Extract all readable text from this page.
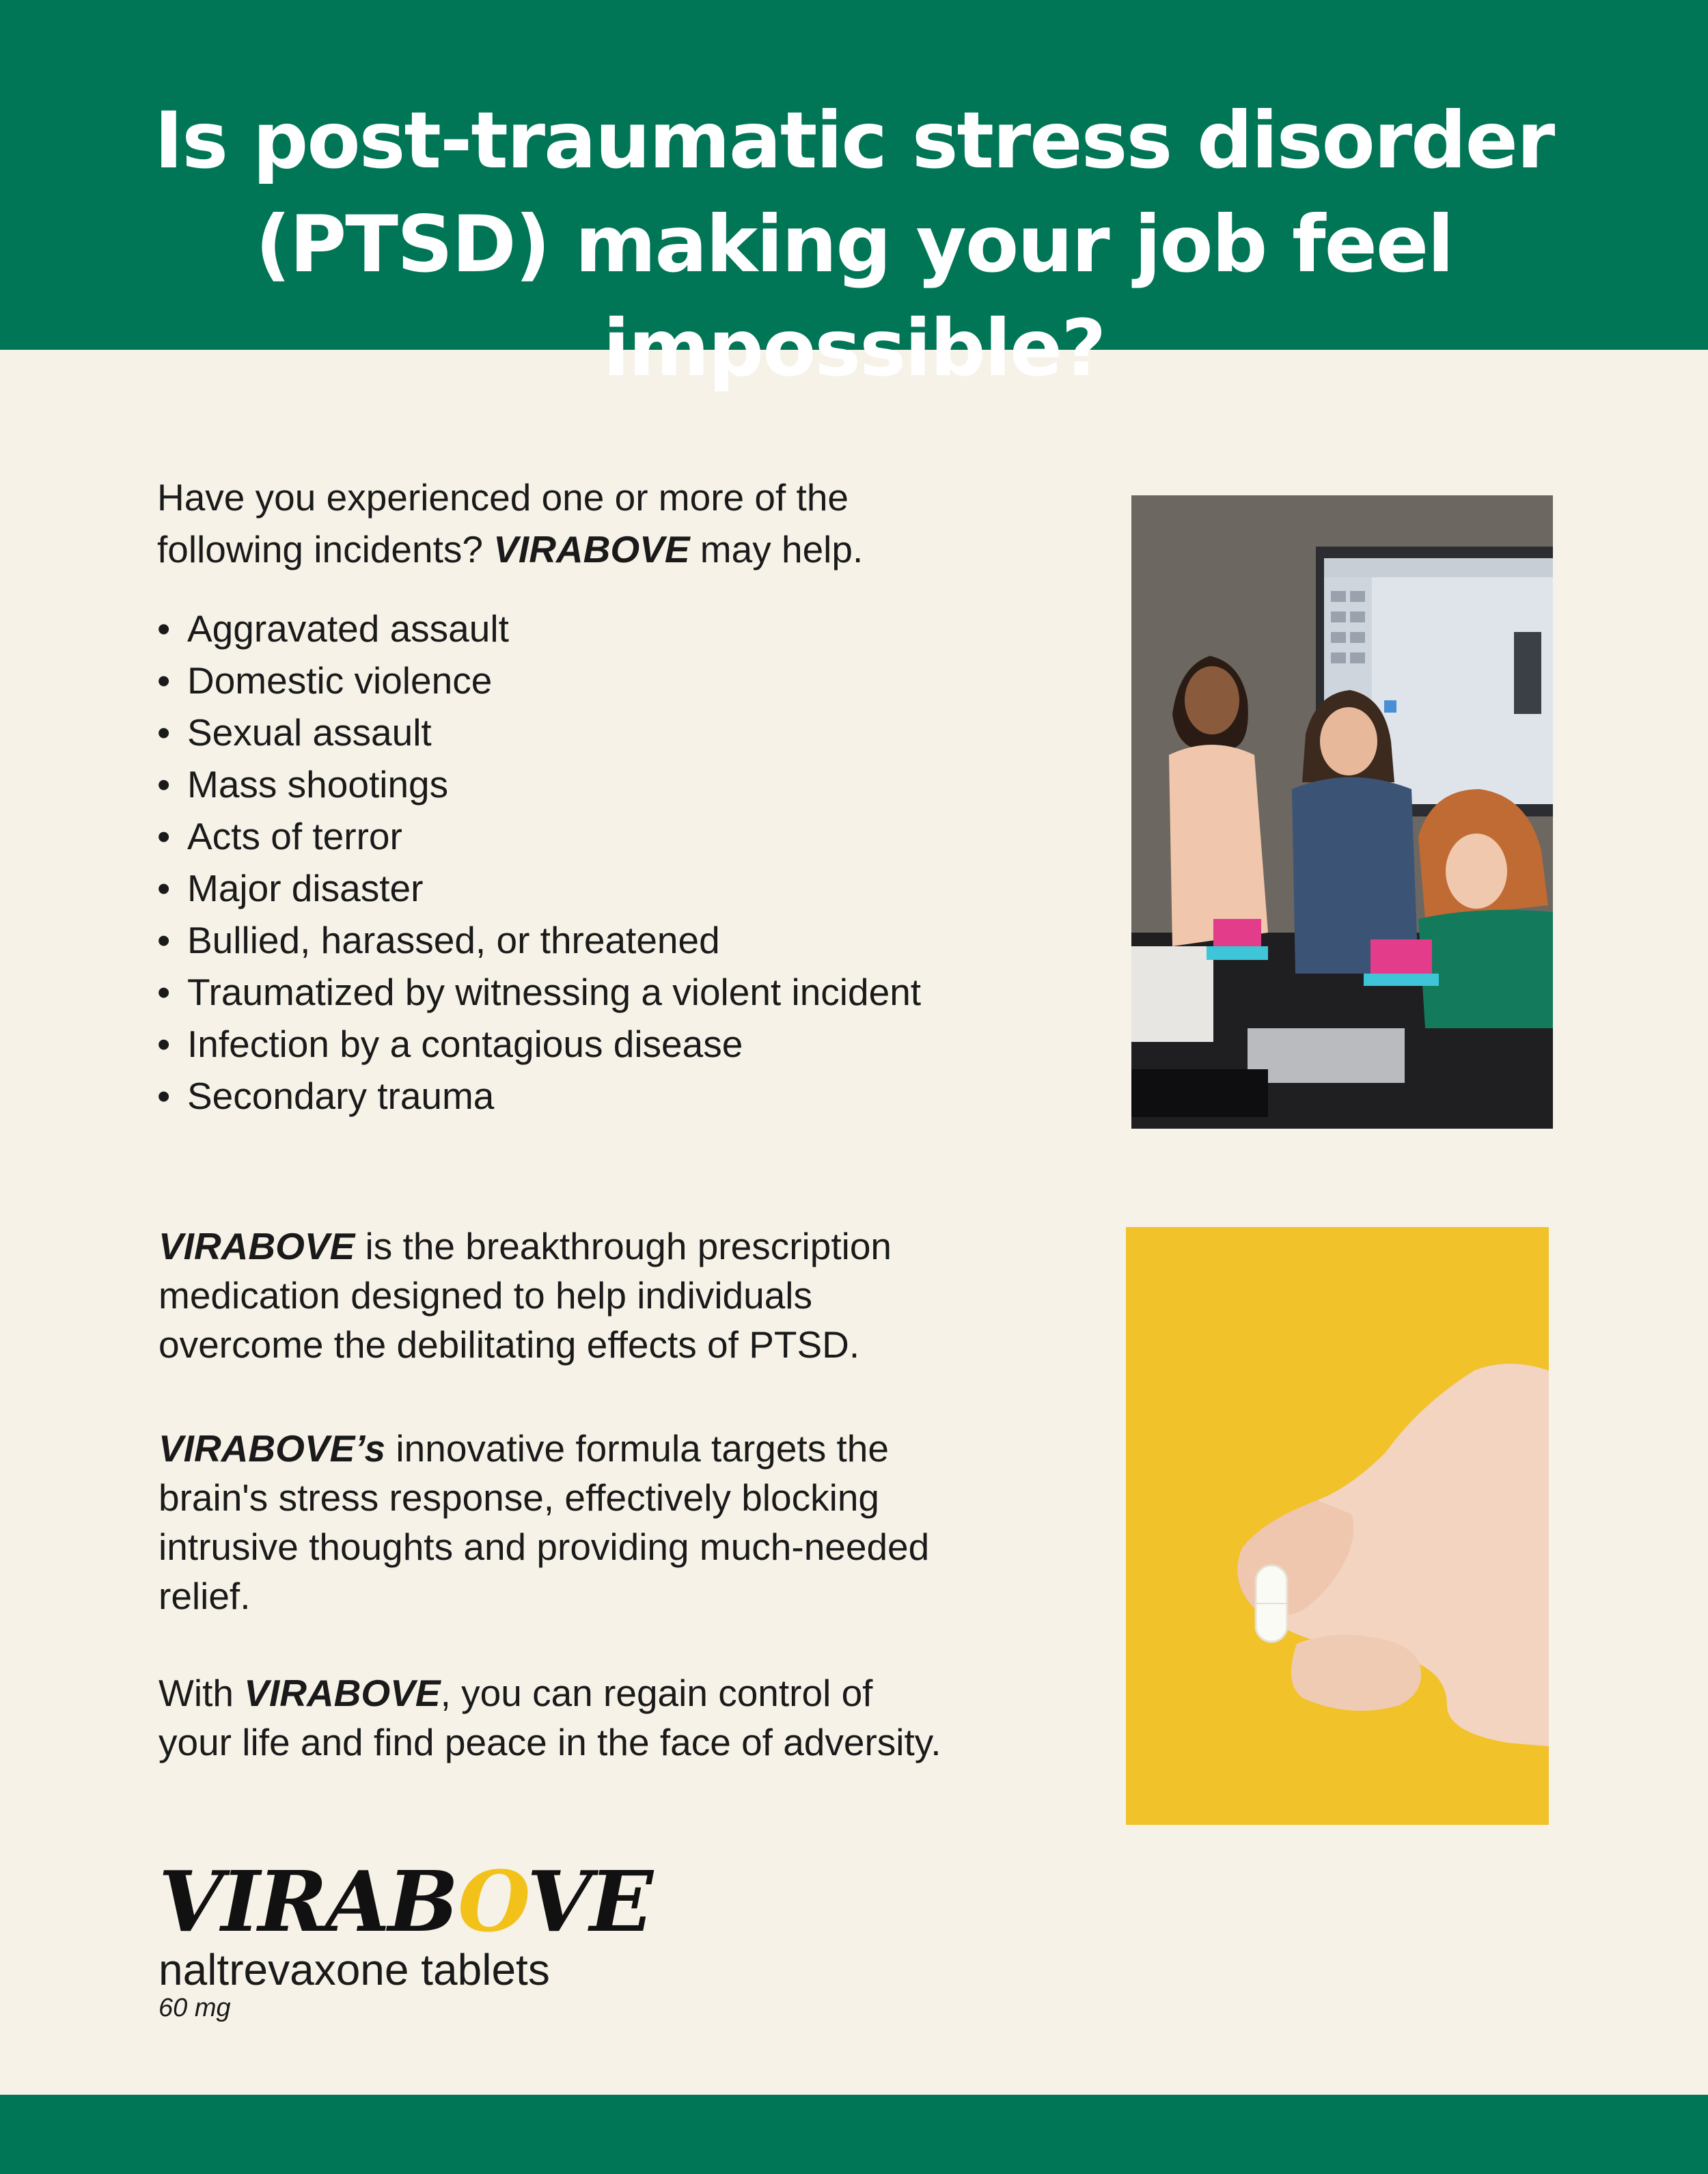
Is post-traumatic stress disorder
(PTSD) making your job feel impossible?
Have you experienced one or more of the
following incidents? VIRABOVE may help.
• Aggravated assault
• Domestic violence
• Sexual assault
• Mass shootings
• Acts of terror
• Major disaster
• Bullied, harassed, or threatened
• Traumatized by witnessing a violent incident
• Infection by a contagious disease
• Secondary trauma

VIRABOVE is the breakthrough prescription
medication designed to help individuals
overcome the debilitating effects of PTSD.

VIRABOVE’s innovative formula targets the
brain's stress response, effectively blocking
intrusive thoughts and providing much-needed
relief.

With VIRABOVE, you can regain control of
your life and find peace in the face of adversity.

VIRABOVE
naltrevaxone tablets
60 mg
